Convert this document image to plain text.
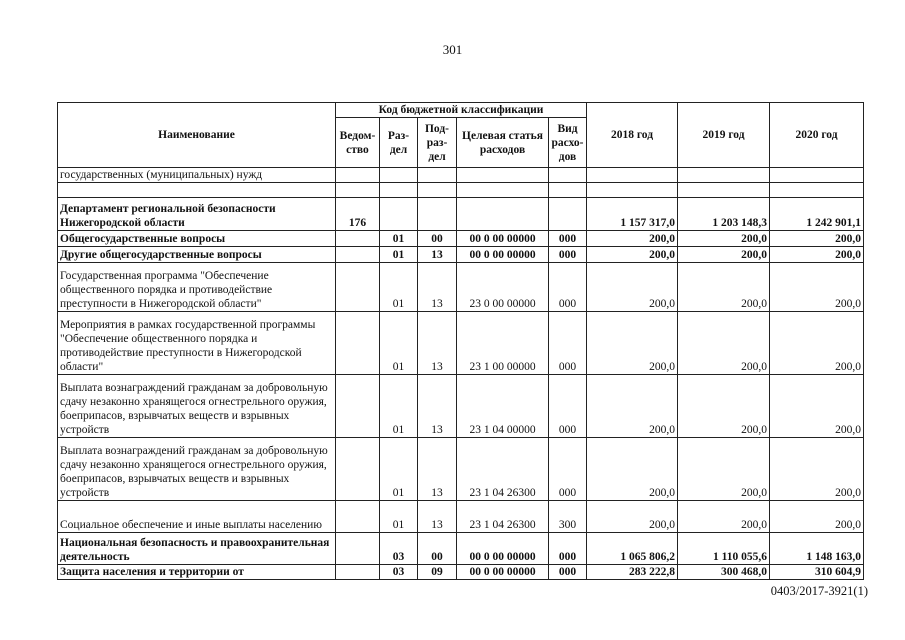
301
Наименование	Код бюджетной классификации					2018 год	2019 год	2020 год
	Ведом-ство	Раз-дел	Под-раз-дел	Целевая статья расходов	Вид расхо-дов			
государственных (муниципальных) нужд								

Департамент региональной безопасности Нижегородской области	176					1 157 317,0	1 203 148,3	1 242 901,1
Общегосударственные вопросы		01	00	00 0 00 00000	000	200,0	200,0	200,0
Другие общегосударственные вопросы		01	13	00 0 00 00000	000	200,0	200,0	200,0
Государственная программа "Обеспечение общественного порядка и противодействие преступности в Нижегородской области"		01	13	23 0 00 00000	000	200,0	200,0	200,0
Мероприятия в рамках государственной программы "Обеспечение общественного порядка и противодействие преступности в Нижегородской области"		01	13	23 1 00 00000	000	200,0	200,0	200,0
Выплата вознаграждений гражданам за добровольную сдачу незаконно хранящегося огнестрельного оружия, боеприпасов, взрывчатых веществ и взрывных устройств		01	13	23 1 04 00000	000	200,0	200,0	200,0
Выплата вознаграждений гражданам за добровольную сдачу незаконно хранящегося огнестрельного оружия, боеприпасов, взрывчатых веществ и взрывных устройств		01	13	23 1 04 26300	000	200,0	200,0	200,0
Социальное обеспечение и иные выплаты населению		01	13	23 1 04 26300	300	200,0	200,0	200,0
Национальная безопасность и правоохранительная деятельность		03	00	00 0 00 00000	000	1 065 806,2	1 110 055,6	1 148 163,0
Защита населения и территории от		03	09	00 0 00 00000	000	283 222,8	300 468,0	310 604,9
0403/2017-3921(1)
